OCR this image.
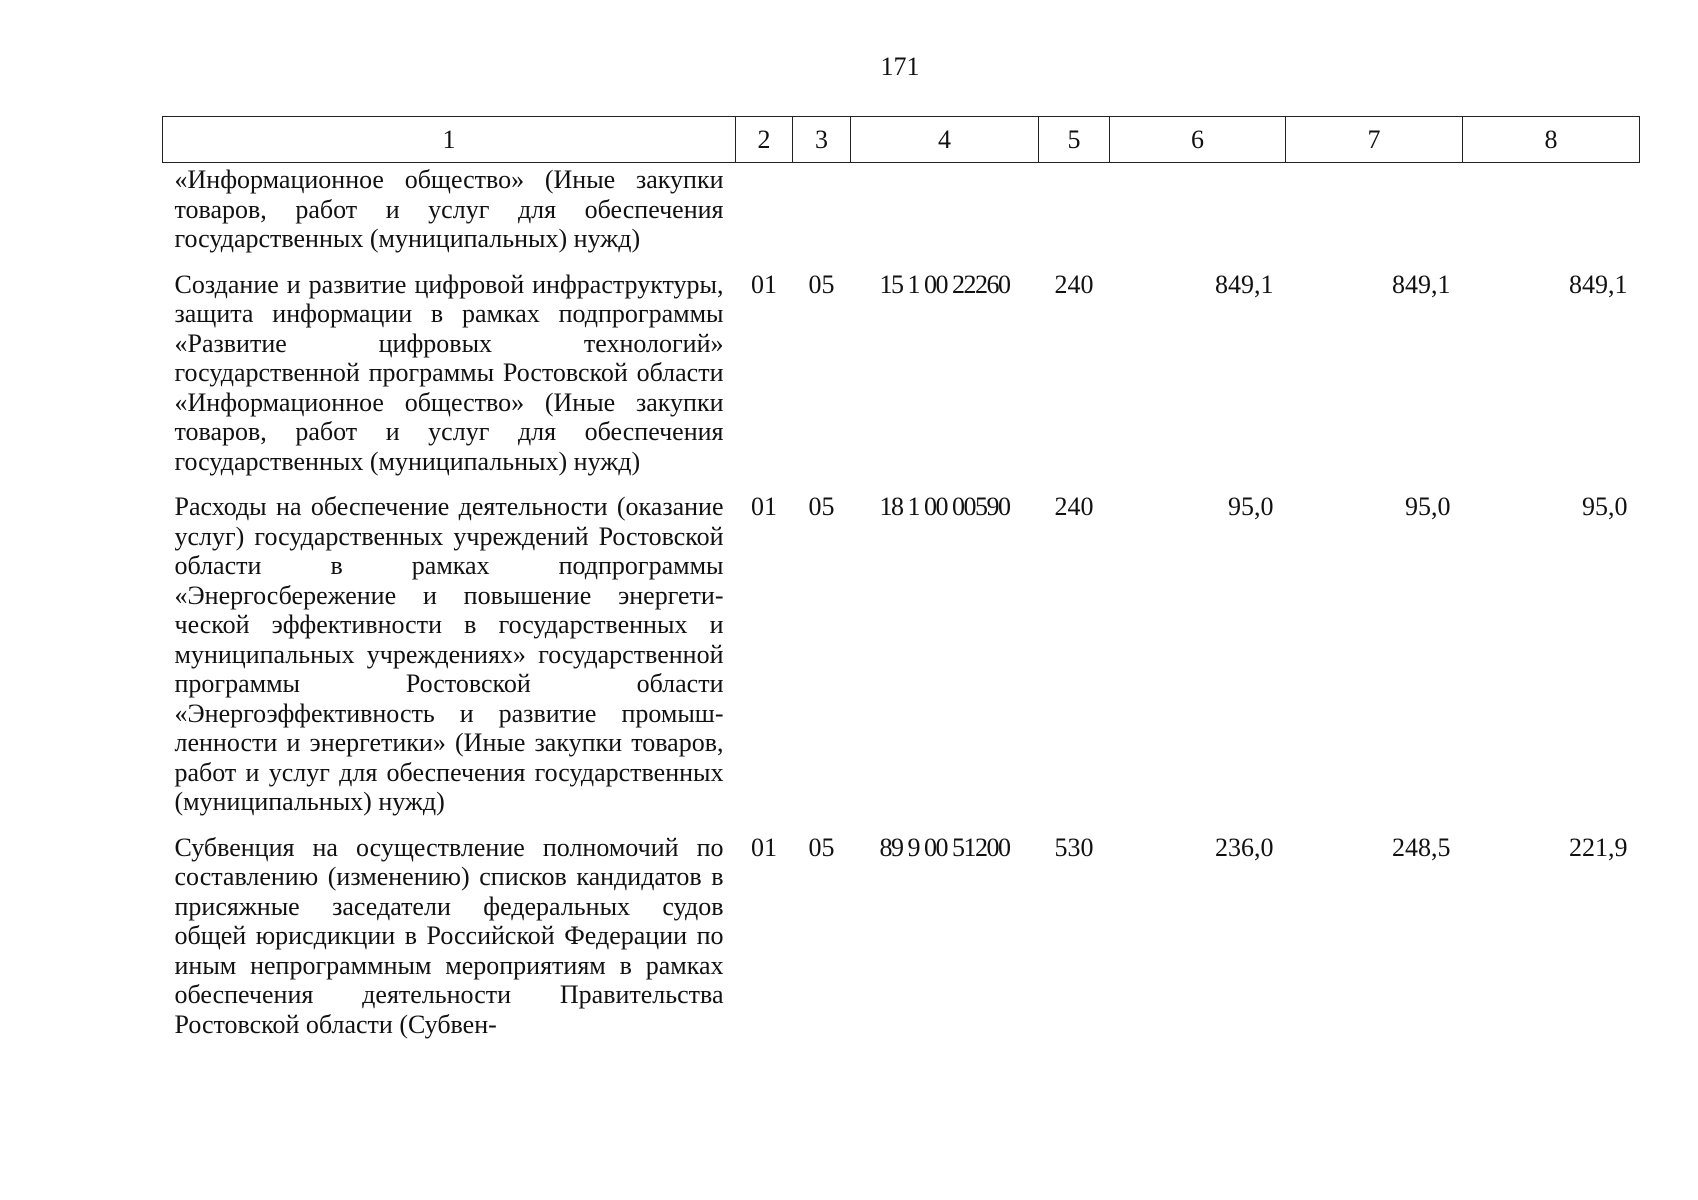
171
1	2	3	4	5	6	7	8
«Информационное общество» (Иные закупки товаров, работ и услуг для обеспечения государственных (муниципальных) нужд)							

Создание и развитие цифровой инфраструктуры, защита информации в рамках подпрограммы «Развитие цифровых технологий» государственной программы Ростовской области «Информационное общество» (Иные закупки товаров, работ и услуг для обеспечения государственных (муниципальных) нужд)	01	05	15 1 00 22260	240	849,1	849,1	849,1

Расходы на обеспечение деятельности (оказание услуг) государственных учреждений Ростовской области в рамках подпрограммы «Энергосбережение и повышение энергетической эффективности в государственных и муниципальных учреждениях» государственной программы Ростовской области «Энергоэффективность и развитие промышленности и энергетики» (Иные закупки товаров, работ и услуг для обеспечения государственных (муниципальных) нужд)	01	05	18 1 00 00590	240	95,0	95,0	95,0

Субвенция на осуществление полномочий по составлению (изменению) списков кандидатов в присяжные заседатели федеральных судов общей юрисдикции в Российской Федерации по иным непрограммным мероприятиям в рамках обеспечения деятельности Правительства Ростовской области (Субвен-	01	05	89 9 00 51200	530	236,0	248,5	221,9
